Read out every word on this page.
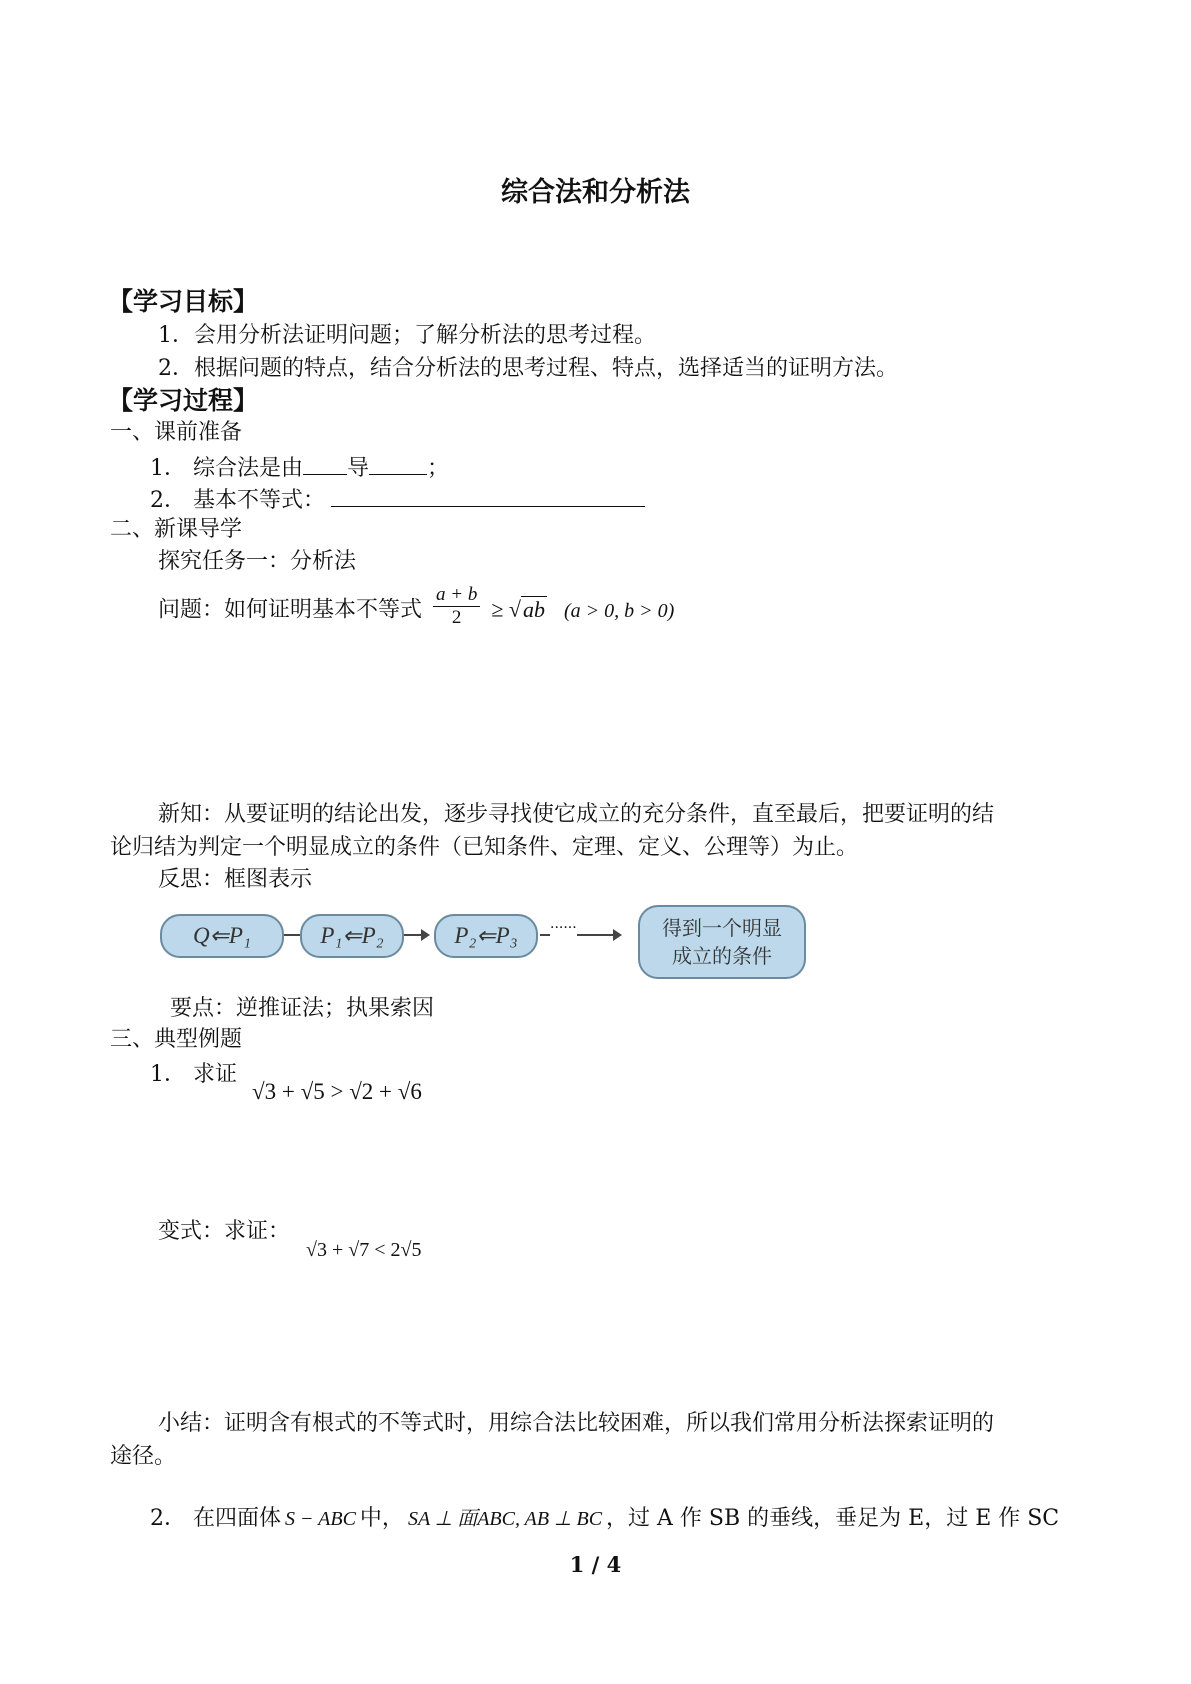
综合法和分析法
【学习目标】
1．会用分析法证明问题；了解分析法的思考过程。
2．根据问题的特点，结合分析法的思考过程、特点，选择适当的证明方法。
【学习过程】
一、课前准备
1． 综合法是由 导	；
2． 基本不等式：
二、新课导学
探究任务一：分析法
问题：如何证明基本不等式 $\frac{a + b}{2} \ge √ab$ (a > 0, b > 0)
新知：从要证明的结论出发，逐步寻找使它成立的充分条件，直至最后，把要证明的结
论归结为判定一个明显成立的条件（已知条件、定理、定义、公理等）为止。
反思：框图表示
Q⇐P₁	P₁⇐P₂	P₂⇐P₃	······	得到一个明显成立的条件
要点：逆推证法；执果索因
三、典型例题
1． 求证
√3 + √5 > √2 + √6
变式：求证：
√3 + √7 < 2√5
小结：证明含有根式的不等式时，用综合法比较困难，所以我们常用分析法探索证明的
途径。
2． 在四面体 S − ABC 中， SA ⊥ 面ABC, AB ⊥ BC ，过 A 作 SB 的垂线，垂足为 E，过 E 作 SC
1 / 4
